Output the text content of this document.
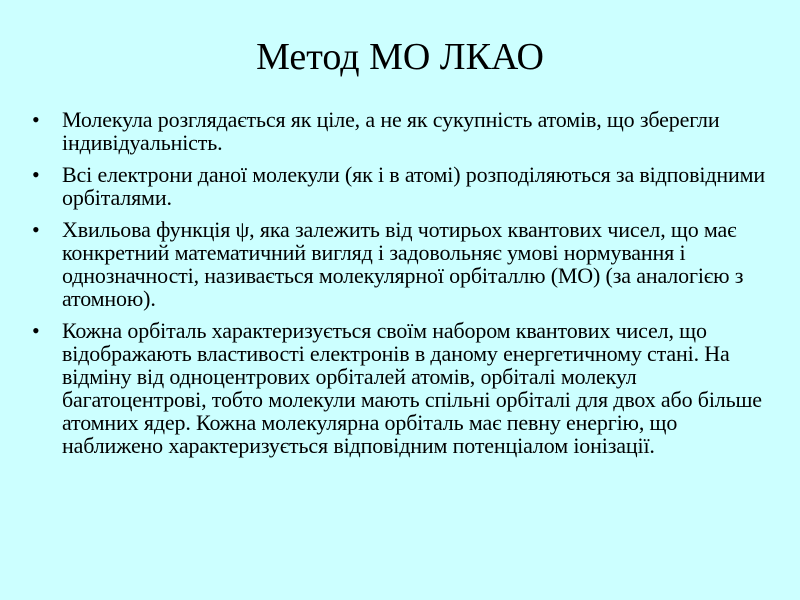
Метод МО ЛКАО
• Молекула розглядається як ціле, а не як сукупність атомів, що зберегли індивідуальність.
• Всі електрони даної молекули (як і в атомі) розподіляються за відповідними орбіталями.
• Хвильова функція ψ, яка залежить від чотирьох квантових чисел, що має конкретний математичний вигляд і задовольняє умові нормування і однозначності, називається молекулярної орбіталлю (МО) (за аналогією з атомною).
• Кожна орбіталь характеризується своїм набором квантових чисел, що відображають властивості електронів в даному енергетичному стані. На відміну від одноцентрових орбіталей атомів, орбіталі молекул багатоцентрові, тобто молекули мають спільні орбіталі для двох або більше атомних ядер. Кожна молекулярна орбіталь має певну енергію, що наближено характеризується відповідним потенціалом іонізації.
